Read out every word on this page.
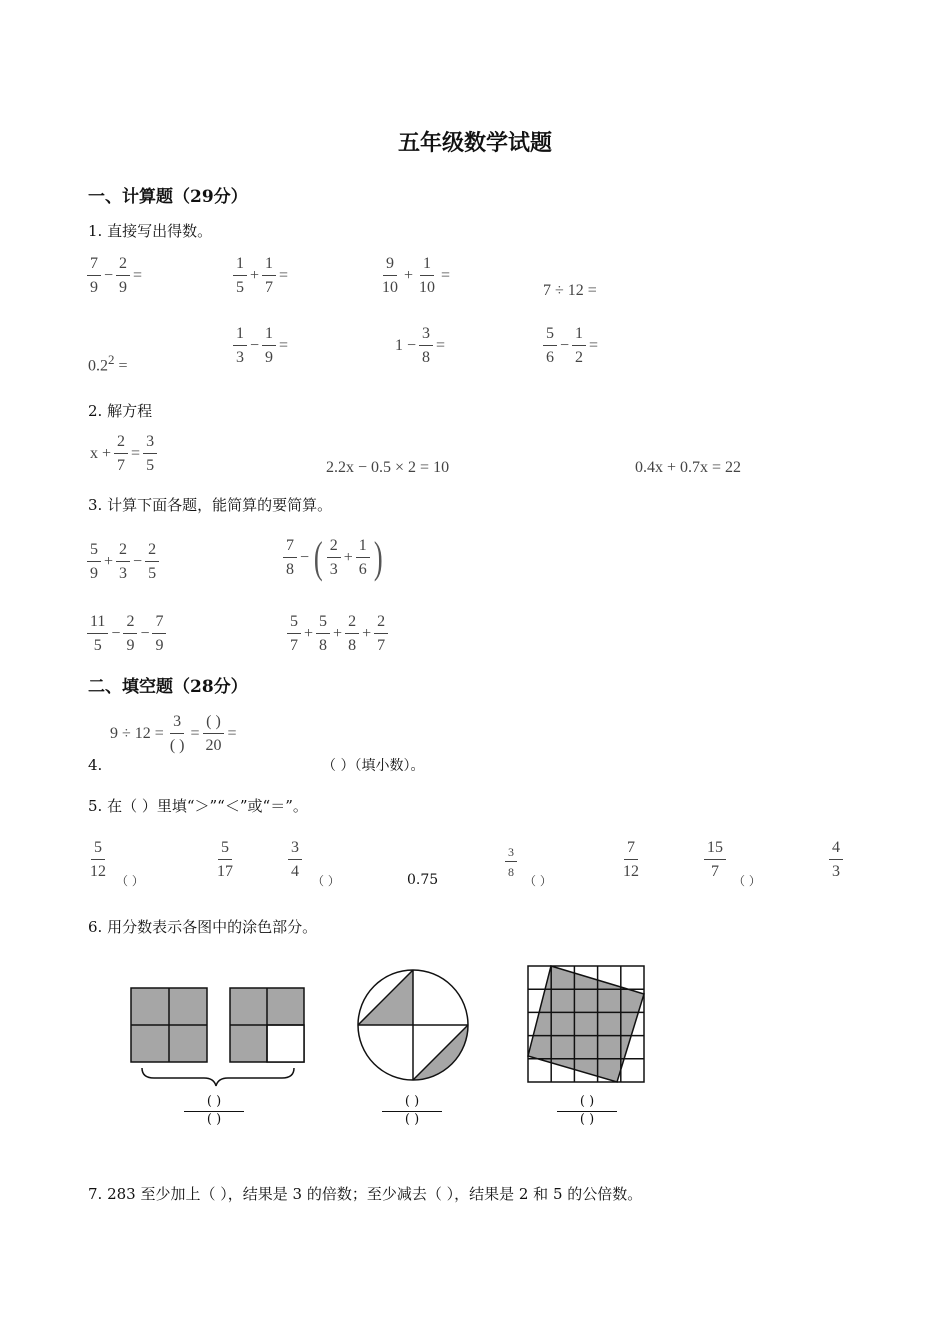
五年级数学试题
一、计算题（29分）
1. 直接写出得数。
$\frac{7}{9} - \frac{2}{9}$ =	$\frac{1}{5} + \frac{1}{7}$ =	$\frac{9}{10} + \frac{1}{10}$ =
7 ÷ 12 =
$0.2^2$ =	$\frac{1}{3} - \frac{1}{9}$ =	$1 - \frac{3}{8}$ =	$\frac{5}{6} - \frac{1}{2}$ =
2. 解方程
$x + \frac{2}{7} = \frac{3}{5}$	2.2x − 0.5 × 2 = 10	0.4x + 0.7x = 22
3. 计算下面各题，能简算的要简算。
$\frac{5}{9} + \frac{2}{3} - \frac{2}{5}$	$\frac{7}{8}$ − ( $\frac{2}{3} + \frac{1}{6}$ )
$\frac{11}{5} - \frac{2}{9} - \frac{7}{9}$	$\frac{5}{7} + \frac{5}{8} + \frac{2}{8} + \frac{2}{7}$
二、填空题（28分）
4.
$9 \div 12 = \frac{3}{( )} = \frac{( )}{20}$ =
（ ）（填小数）。
5. 在（ ）里填“＞”“＜”或“＝”。
$\frac{5}{12}$
（ ）
$\frac{5}{17}$	$\frac{3}{4}$
（ ）	0.75
$\frac{3}{8}$
（ ）
$\frac{7}{12}$	$\frac{15}{7}$
（ ）
$\frac{4}{3}$
6. 用分数表示各图中的涂色部分。
( )
( )
( )
( )
( )
( )
7. 283 至少加上（ ），结果是 3 的倍数；至少减去（ ），结果是 2 和 5 的公倍数。
